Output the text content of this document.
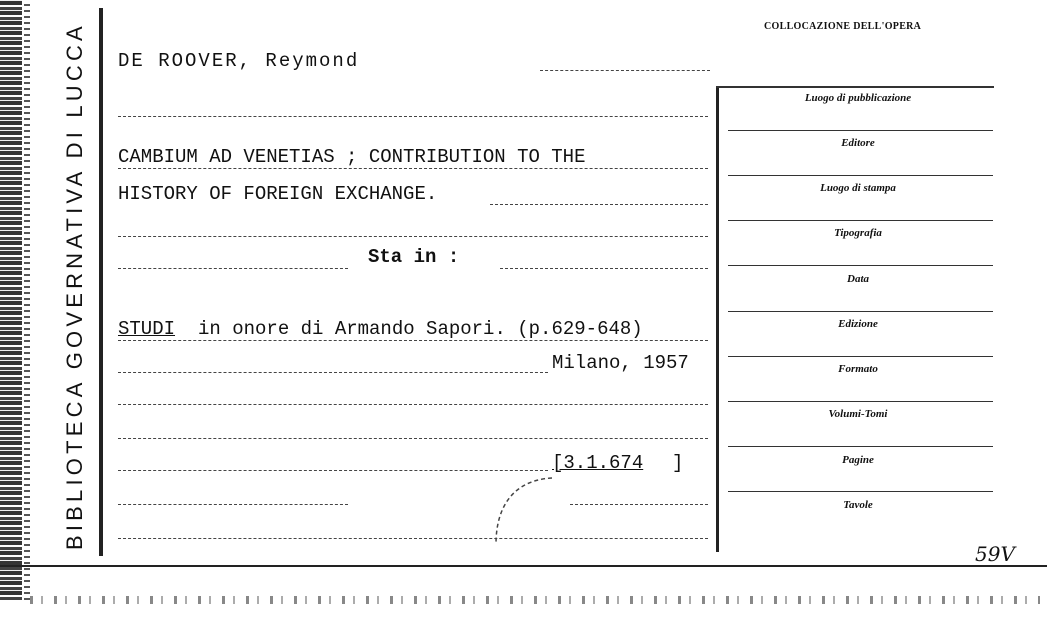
BIBLIOTECA GOVERNATIVA DI LUCCA	COLLOCAZIONE DELL'OPERA
DE ROOVER, Reymond
CAMBIUM AD VENETIAS ; CONTRIBUTION TO THE
HISTORY OF FOREIGN EXCHANGE.
Sta in :
STUDI in onore di Armando Sapori. (p.629-648)
Milano, 1957
[3.1.674 ]
Luogo di pubblicazione
Editore
Luogo di stampa
Tipografia
Data
Edizione
Formato
Volumi-Tomi
Pagine
Tavole
59V
